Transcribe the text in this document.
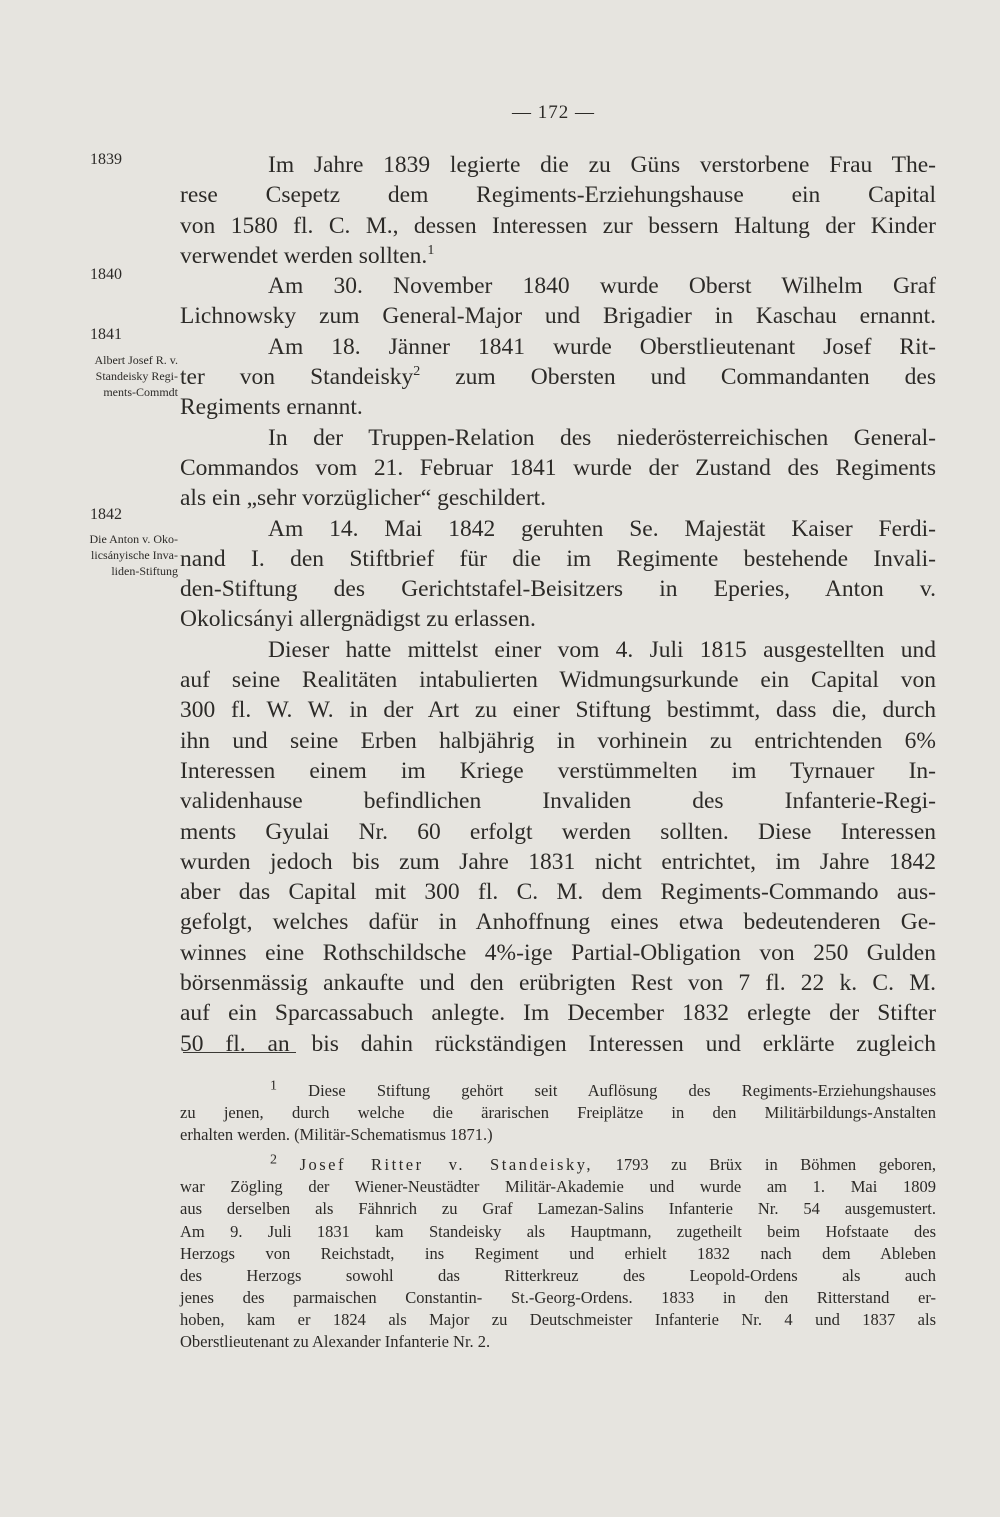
— 172 —
1839
1840
1841
Albert Josef R. v.
Standeisky Regi-
ments-Commdt
1842
Die Anton v. Oko-
licsányische Inva-
liden-Stiftung
Im Jahre 1839 legierte die zu Güns verstorbene Frau The-
rese Csepetz dem Regiments-Erziehungshause ein Capital
von 1580 fl. C. M., dessen Interessen zur bessern Haltung der Kinder
verwendet werden sollten.$^1$
Am 30. November 1840 wurde Oberst Wilhelm Graf
Lichnowsky zum General-Major und Brigadier in Kaschau ernannt.
Am 18. Jänner 1841 wurde Oberstlieutenant Josef Rit-
ter von Standeisky$^2$ zum Obersten und Commandanten des
Regiments ernannt.
In der Truppen-Relation des niederösterreichischen General-
Commandos vom 21. Februar 1841 wurde der Zustand des Regiments
als ein „sehr vorzüglicher“ geschildert.
Am 14. Mai 1842 geruhten Se. Majestät Kaiser Ferdi-
nand I. den Stiftbrief für die im Regimente bestehende Invali-
den-Stiftung des Gerichtstafel-Beisitzers in Eperies, Anton v.
Okolicsányi allergnädigst zu erlassen.
Dieser hatte mittelst einer vom 4. Juli 1815 ausgestellten und
auf seine Realitäten intabulierten Widmungsurkunde ein Capital von
300 fl. W. W. in der Art zu einer Stiftung bestimmt, dass die, durch
ihn und seine Erben halbjährig in vorhinein zu entrichtenden 6%
Interessen einem im Kriege verstümmelten im Tyrnauer In-
validenhause befindlichen Invaliden des Infanterie-Regi-
ments Gyulai Nr. 60 erfolgt werden sollten. Diese Interessen
wurden jedoch bis zum Jahre 1831 nicht entrichtet, im Jahre 1842
aber das Capital mit 300 fl. C. M. dem Regiments-Commando aus-
gefolgt, welches dafür in Anhoffnung eines etwa bedeutenderen Ge-
winnes eine Rothschildsche 4%-ige Partial-Obligation von 250 Gulden
börsenmässig ankaufte und den erübrigten Rest von 7 fl. 22 k. C. M.
auf ein Sparcassabuch anlegte. Im December 1832 erlegte der Stifter
50 fl. an bis dahin rückständigen Interessen und erklärte zugleich
$^1$ Diese Stiftung gehört seit Auflösung des Regiments-Erziehungshauses
zu jenen, durch welche die ärarischen Freiplätze in den Militärbildungs-Anstalten
erhalten werden. (Militär-Schematismus 1871.)
$^2$ Josef Ritter v. Standeisky, 1793 zu Brüx in Böhmen geboren,
war Zögling der Wiener-Neustädter Militär-Akademie und wurde am 1. Mai 1809
aus derselben als Fähnrich zu Graf Lamezan-Salins Infanterie Nr. 54 ausgemustert.
Am 9. Juli 1831 kam Standeisky als Hauptmann, zugetheilt beim Hofstaate des
Herzogs von Reichstadt, ins Regiment und erhielt 1832 nach dem Ableben
des Herzogs sowohl das Ritterkreuz des Leopold-Ordens als auch
jenes des parmaischen Constantin- St.-Georg-Ordens. 1833 in den Ritterstand er-
hoben, kam er 1824 als Major zu Deutschmeister Infanterie Nr. 4 und 1837 als
Oberstlieutenant zu Alexander Infanterie Nr. 2.
